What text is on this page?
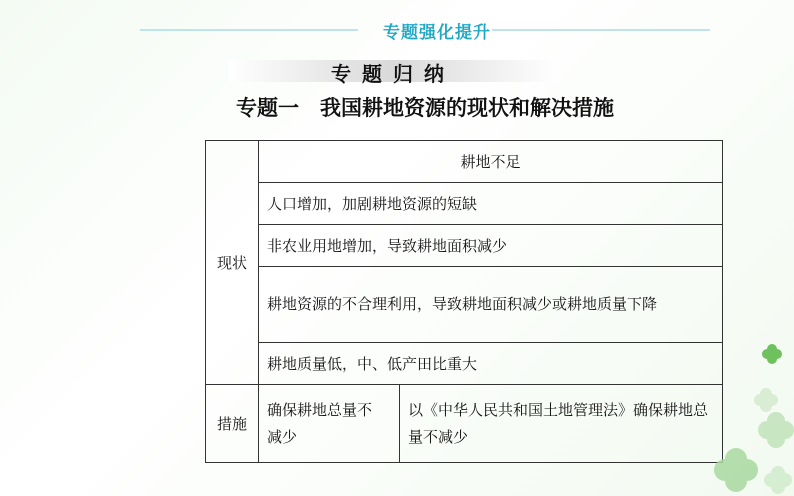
专题强化提升
专题归纳
专题一　我国耕地资源的现状和解决措施
现状	耕地不足	
	人口增加，加剧耕地资源的短缺	
	非农业用地增加，导致耕地面积减少	
	耕地资源的不合理利用，导致耕地面积减少或耕地质量下降	
	耕地质量低，中、低产田比重大	
措施	确保耕地总量不减少	以《中华人民共和国土地管理法》确保耕地总量不减少
